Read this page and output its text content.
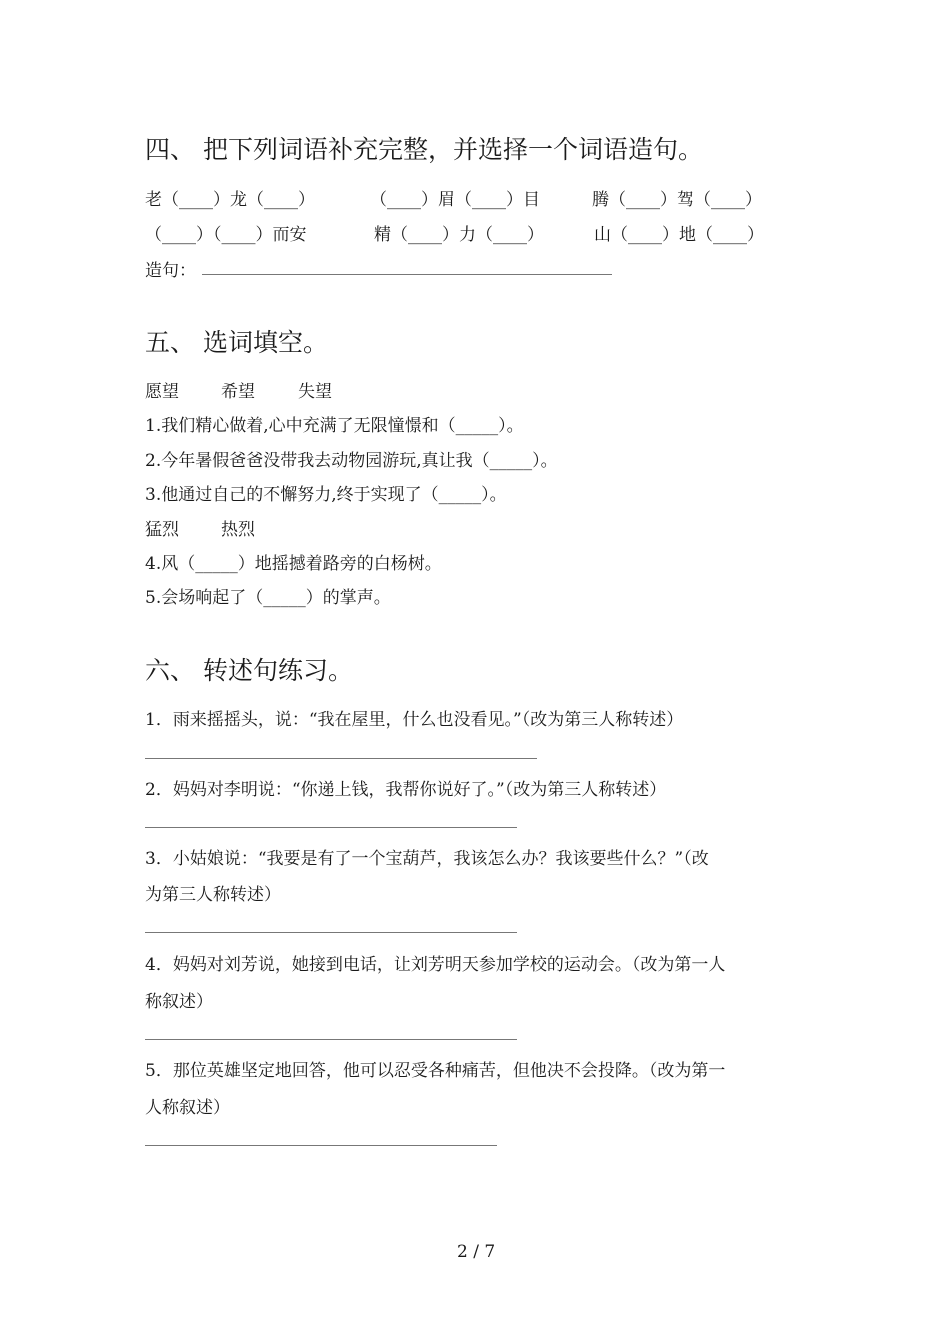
四、 把下列词语补充完整，并选择一个词语造句。
老（____）龙（____）	（____）眉（____）目	腾（____）驾（____）
（____）（____）而安	精（____）力（____）	山（____）地（____）
造句：
五、 选词填空。
愿望 希望	失望
1.我们精心做着,心中充满了无限憧憬和（_____）。
2.今年暑假爸爸没带我去动物园游玩,真让我（_____）。
3.他通过自己的不懈努力,终于实现了（_____）。
猛烈 热烈
4.风（_____）地摇撼着路旁的白杨树。
5.会场响起了（_____）的掌声。
六、 转述句练习。
1．雨来摇摇头，说：“我在屋里，什么也没看见。”（改为第三人称转述）
2．妈妈对李明说：“你递上钱，我帮你说好了。”（改为第三人称转述）
3．小姑娘说：“我要是有了一个宝葫芦，我该怎么办？我该要些什么？”（改
为第三人称转述）
4．妈妈对刘芳说，她接到电话，让刘芳明天参加学校的运动会。（改为第一人
称叙述）
5．那位英雄坚定地回答，他可以忍受各种痛苦，但他决不会投降。（改为第一
人称叙述）
2 / 7
